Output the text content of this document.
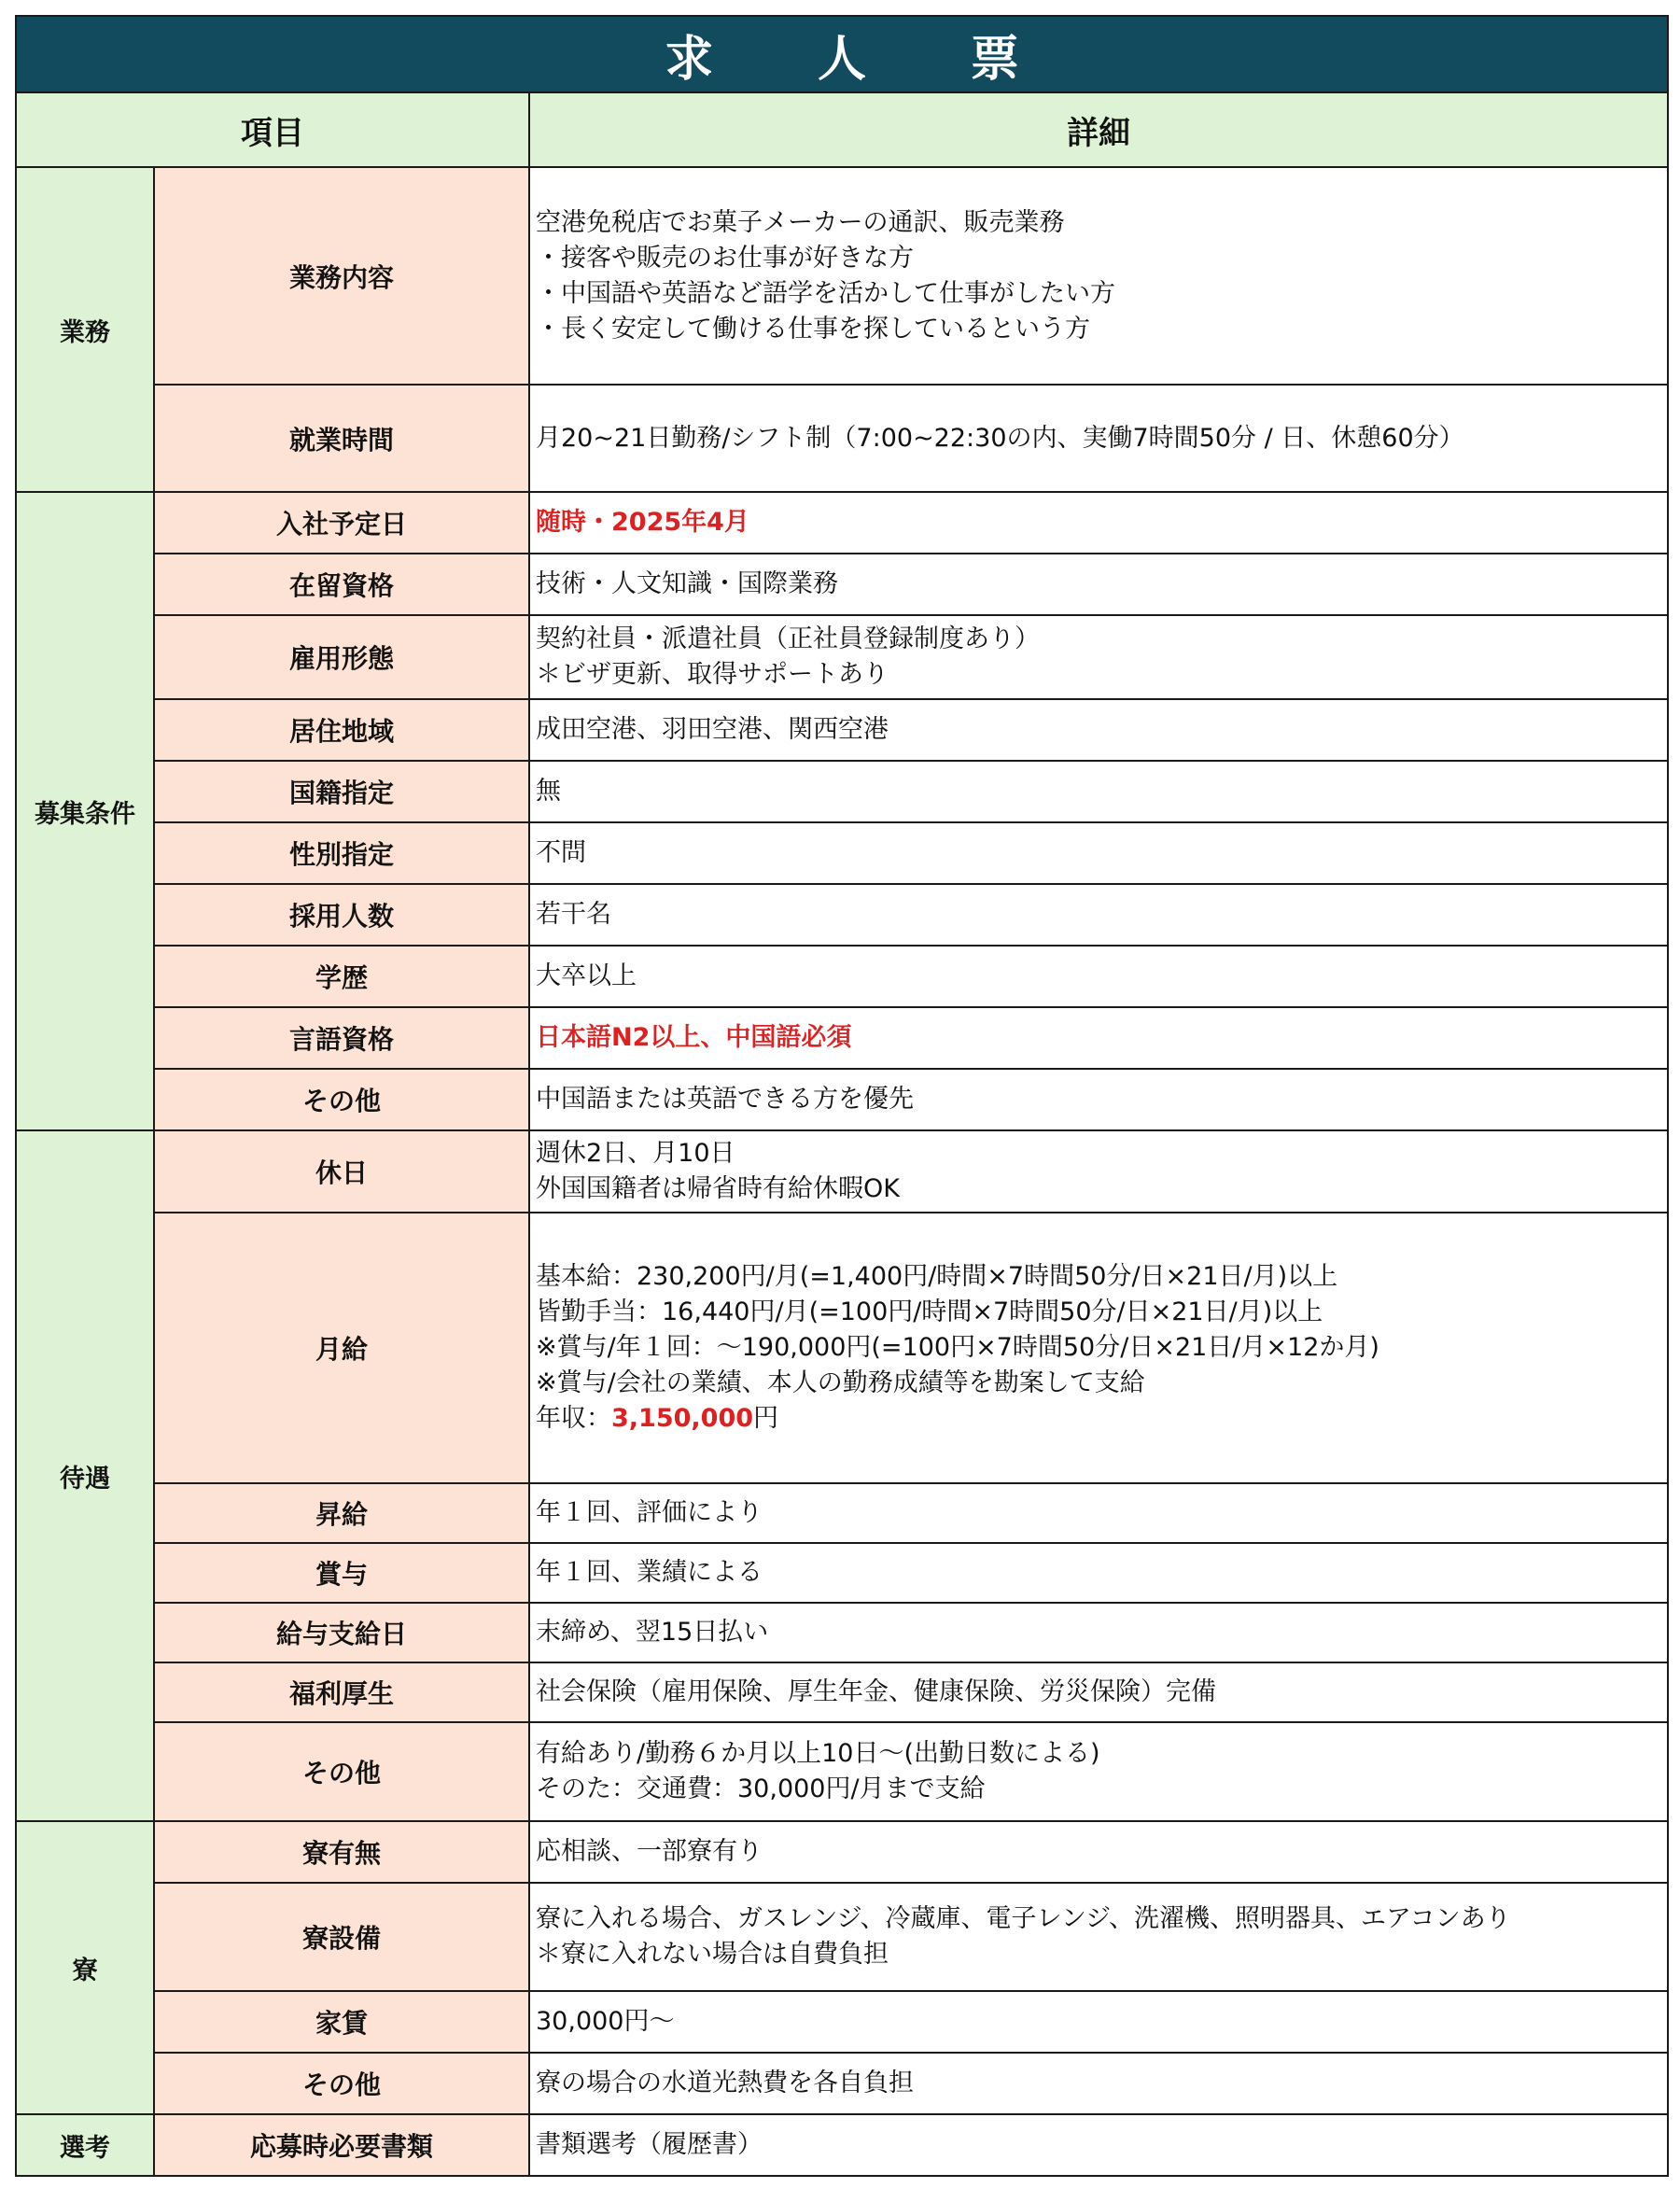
求 人 票		
項目		詳細
業務	業務内容	空港免税店でお菓子メーカーの通訳、販売業務
・接客や販売のお仕事が好きな方
・中国語や英語など語学を活かして仕事がしたい方
・長く安定して働ける仕事を探しているという方

	就業時間	月20~21日勤務/シフト制（7:00~22:30の内、実働7時間50分 / 日、休憩60分）

募集条件	入社予定日	随時・2025年4月

	在留資格	技術・人文知識・国際業務

	雇用形態	契約社員・派遣社員（正社員登録制度あり）
＊ビザ更新、取得サポートあり

	居住地域	成田空港、羽田空港、関西空港

	国籍指定	無

	性別指定	不問

	採用人数	若干名

	学歴	大卒以上

	言語資格	日本語N2以上、中国語必須

	その他	中国語または英語できる方を優先

待遇	休日	週休2日、月10日
外国国籍者は帰省時有給休暇OK

	月給	基本給：230,200円/月(=1,400円/時間×7時間50分/日×21日/月)以上
皆勤手当：16,440円/月(=100円/時間×7時間50分/日×21日/月)以上
※賞与/年１回：～190,000円(=100円×7時間50分/日×21日/月×12か月)
※賞与/会社の業績、本人の勤務成績等を勘案して支給
年収：3,150,000円

	昇給	年１回、評価により

	賞与	年１回、業績による

	給与支給日	末締め、翌15日払い

	福利厚生	社会保険（雇用保険、厚生年金、健康保険、労災保険）完備

	その他	有給あり/勤務６か月以上10日～(出勤日数による)
そのた：交通費：30,000円/月まで支給

寮	寮有無	応相談、一部寮有り

	寮設備	寮に入れる場合、ガスレンジ、冷蔵庫、電子レンジ、洗濯機、照明器具、エアコンあり
＊寮に入れない場合は自費負担

	家賃	30,000円～

	その他	寮の場合の水道光熱費を各自負担

選考	応募時必要書類	書類選考（履歴書）
